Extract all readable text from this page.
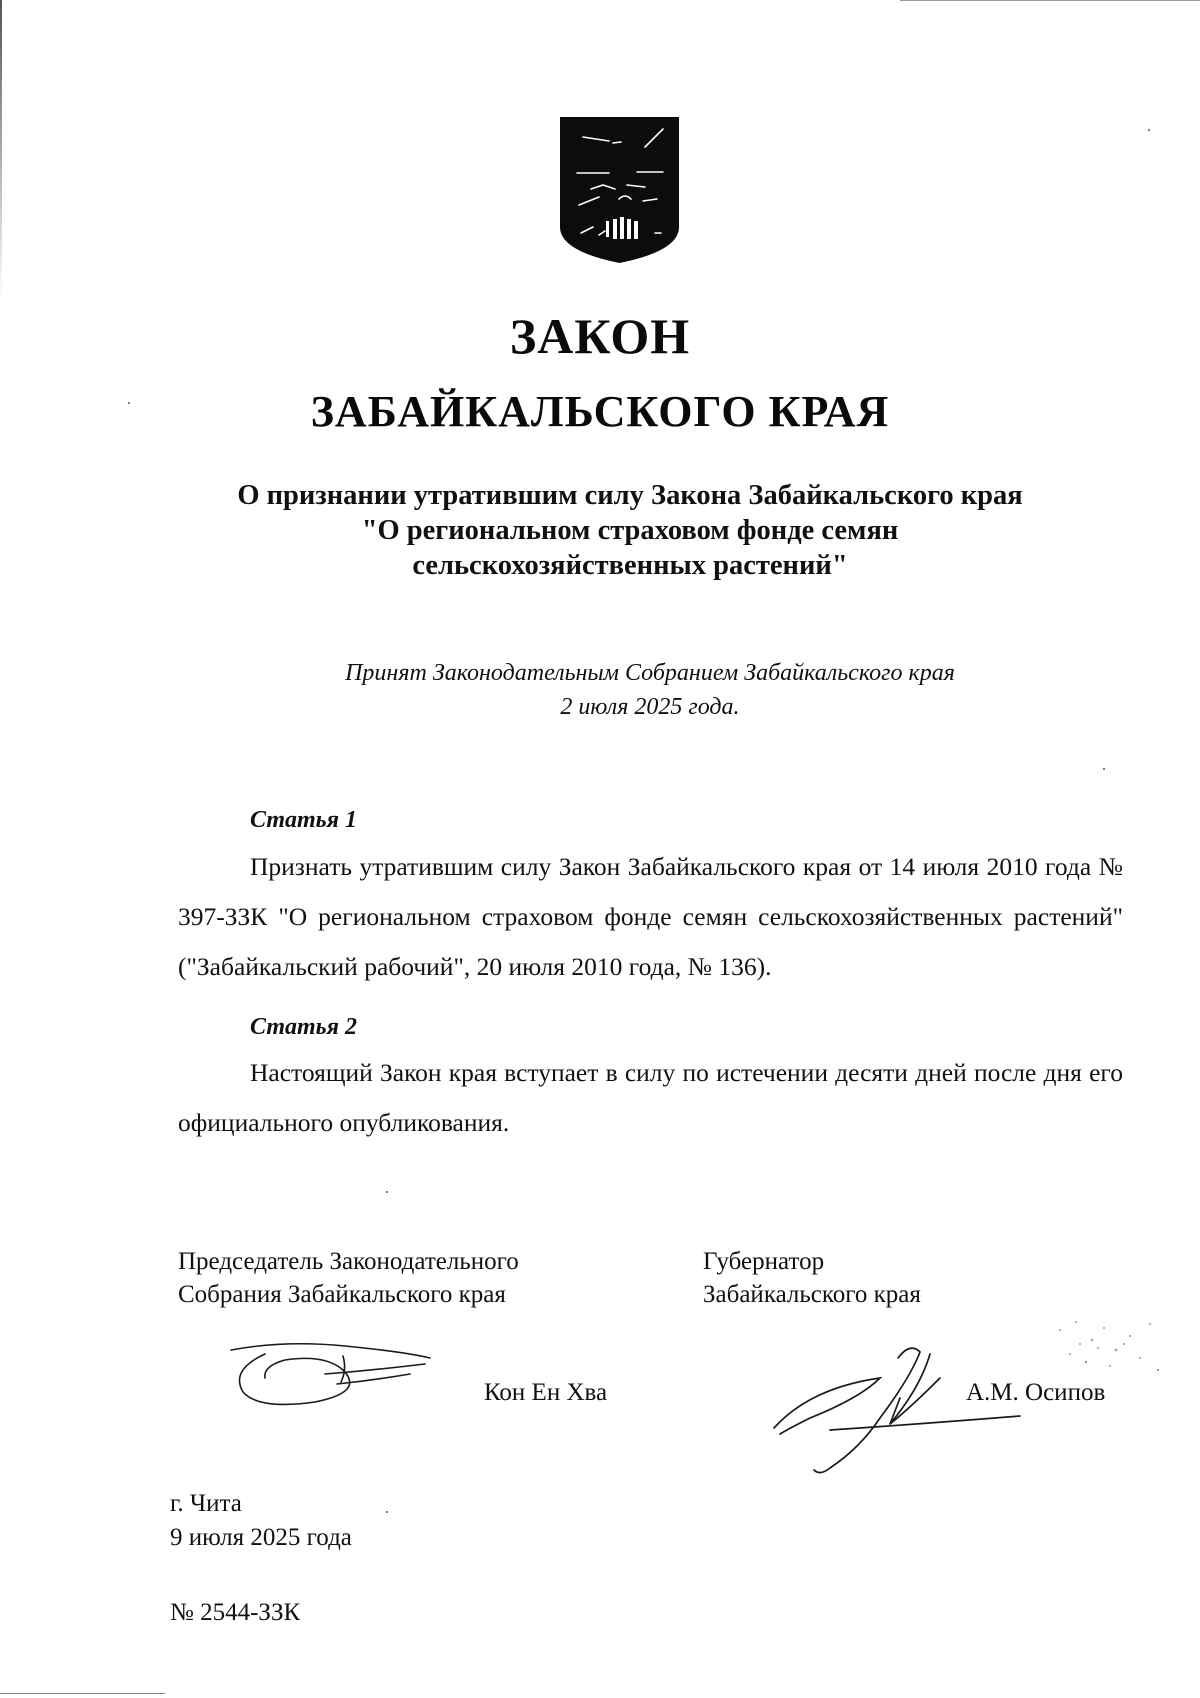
ЗАКОН
ЗАБАЙКАЛЬСКОГО КРАЯ
О признании утратившим силу Закона Забайкальского края
"О региональном страховом фонде семян
сельскохозяйственных растений"
Принят Законодательным Собранием Забайкальского края
2 июля 2025 года.
Статья 1
Признать утратившим силу Закон Забайкальского края от 14 июля 2010 года № 397-ЗЗК "О региональном страховом фонде семян сельскохозяйственных растений" ("Забайкальский рабочий", 20 июля 2010 года, № 136).
Статья 2
Настоящий Закон края вступает в силу по истечении десяти дней после дня его официального опубликования.
Председатель Законодательного
Собрания Забайкальского края
Губернатор
Забайкальского края
Кон Ен Хва	А.М. Осипов
г. Чита
9 июля 2025 года
№ 2544-ЗЗК
